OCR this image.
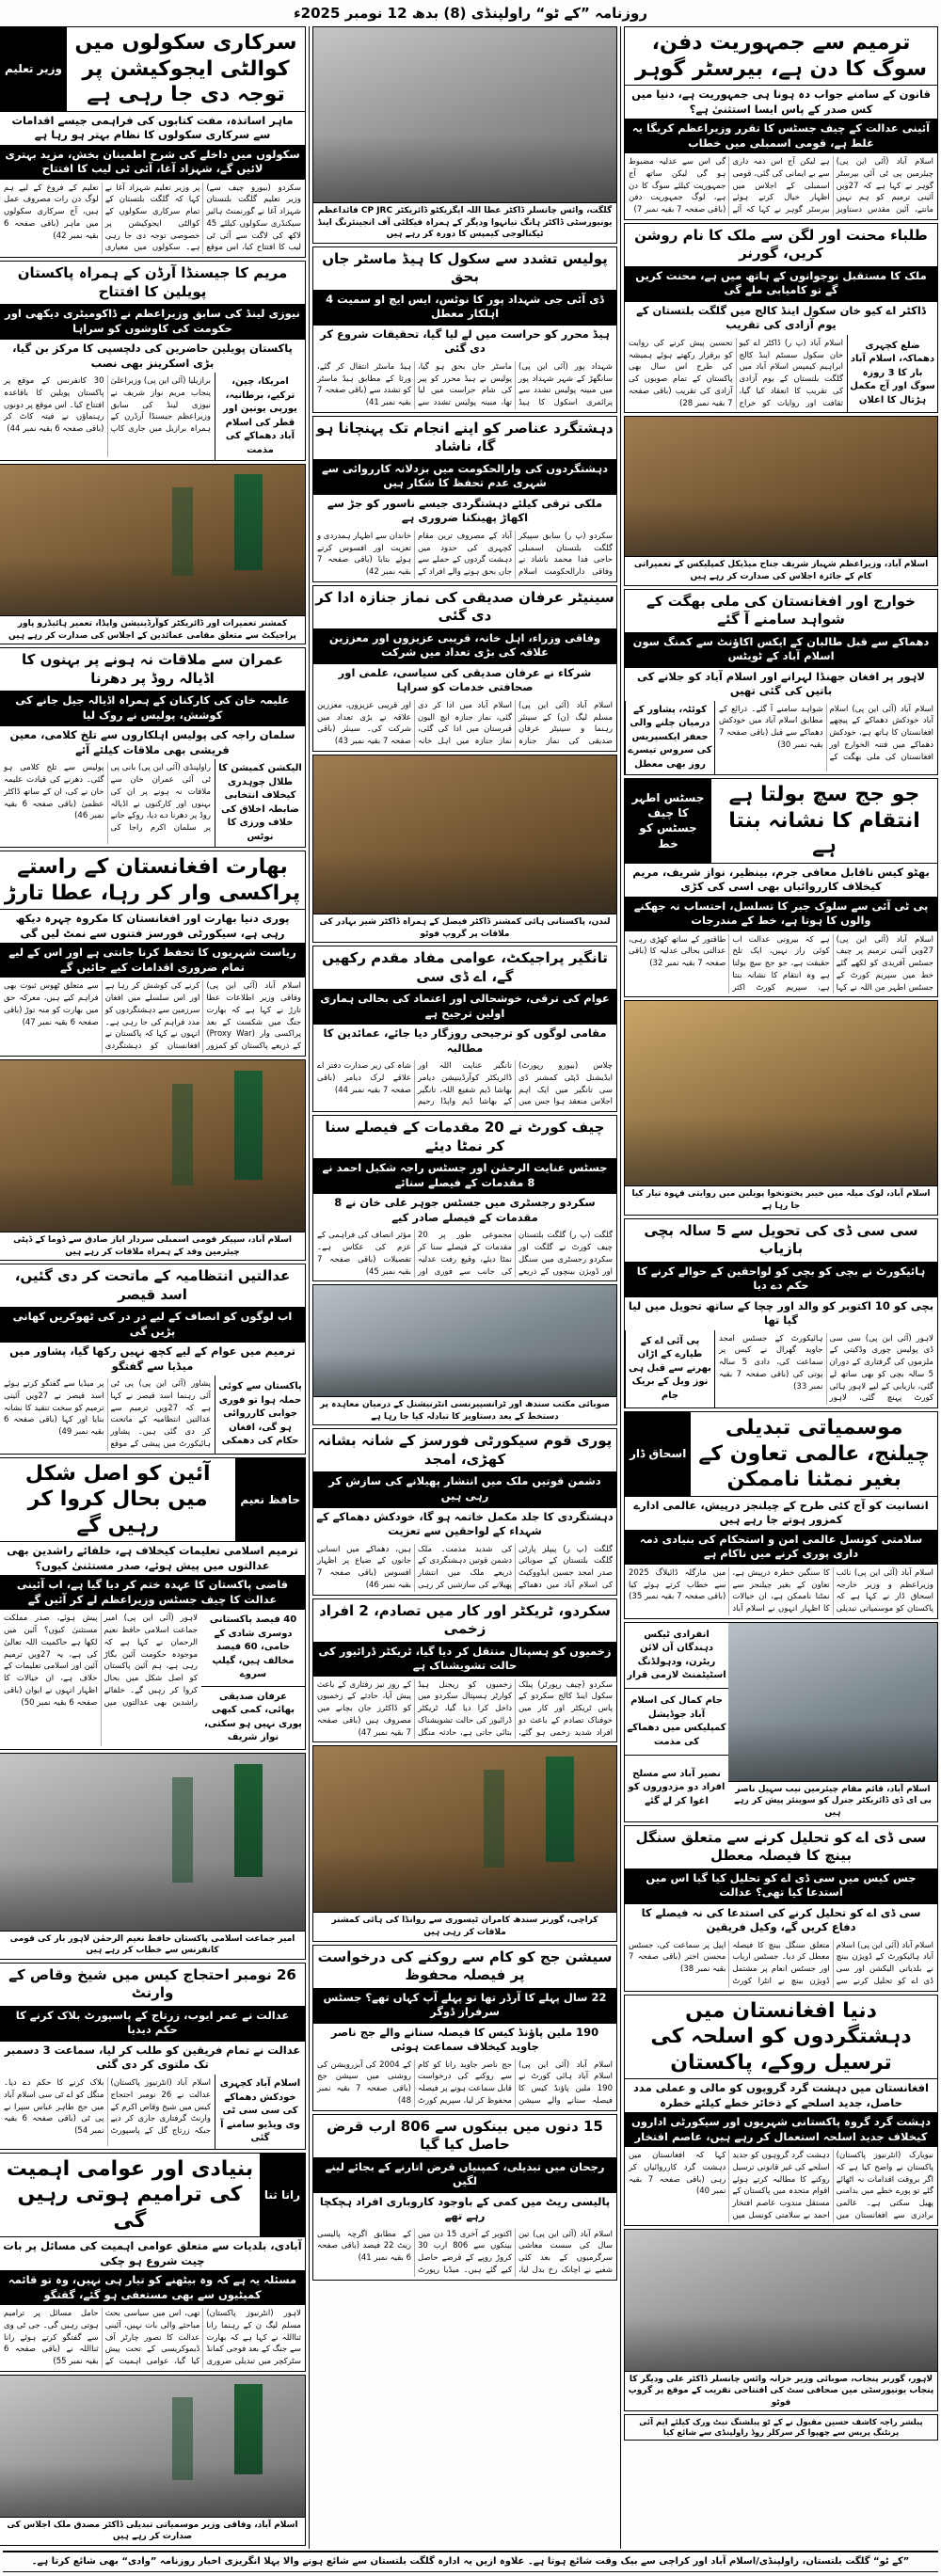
روزنامہ ”کے ٹو“ راولپنڈی (8) بدھ 12 نومبر 2025ء
ترمیم سے جمہوریت دفن، سوگ کا دن ہے، بیرسٹر گوہر
قانون کے سامنے جواب دہ ہونا ہی جمہوریت ہے، دنیا میں کس صدر کے پاس ایسا استثنیٰ ہے؟
آئینی عدالت کے چیف جسٹس کا تقرر وزیراعظم کریگا یہ غلط ہے، قومی اسمبلی میں خطاب

اسلام آباد (آئی این پی) چیئرمین پی ٹی آئی بیرسٹر گوہر نے کہا ہے کہ 27ویں آئینی ترمیم کو ہم نہیں مانتے، آئین مقدس دستاویز ہے لیکن آج اس ذمہ داری سے بے ایمانی کی گئی، قومی اسمبلی کے اجلاس میں اظہار خیال کرتے ہوئے بیرسٹر گوہر نے کہا کہ آئے گی اس سے عدلیہ مضبوط ہو گی لیکن ساتھ آج جمہوریت کیلئے سوگ کا دن ہے، لوگ جمہوریت دفن (باقی صفحہ 7 بقیہ نمبر 7)

طلباء محنت اور لگن سے ملک کا نام روشن کریں، گورنر
ملک کا مستقبل نوجوانوں کے ہاتھ میں ہے، محنت کریں گے تو کامیابی ملے گی
ڈاکٹر اے کیو خان سکول اینڈ کالج میں گلگت بلتستان کے یوم آزادی کی تقریب
ضلع کچہری دھماکہ، اسلام آباد بار کا 3 روزہ سوگ اور آج مکمل ہڑتال کا اعلان

اسلام آباد (پ ر) ڈاکٹر اے کیو خان سکول سسٹم اینڈ کالج ابراہیم کیمپس اسلام آباد میں گلگت بلتستان کے یوم آزادی کی تقریب کا انعقاد کیا گیا، ثقافت اور روایات کو خراج تحسین پیش کرنے کی روایت کو برقرار رکھتے ہوئے ہمیشہ کی طرح اس سال بھی پاکستان کے تمام صوبوں کی آزادی کی تقریب (باقی صفحہ 7 بقیہ نمبر 28)

اسلام آباد، وزیراعظم شہباز شریف جناح میڈیکل کمپلیکس کے تعمیراتی کام کے جائزہ اجلاس کی صدارت کر رہے ہیں
خوارج اور افغانستان کی ملی بھگت کے شواہد سامنے آ گئے
دھماکے سے قبل طالبان کے ایکس اکاؤنٹ سے کمنگ سون اسلام آباد کے ٹویٹس
لاہور پر افغان جھنڈا لہرانے اور اسلام آباد کو جلانے کی باتیں کی گئی تھیں

اسلام آباد (آئی این پی) اسلام آباد خودکش دھماکے کے پیچھے افغانستان کا ہاتھ ہے، خودکش دھماکے میں فتنہ الخوارج اور افغانستان کی ملی بھگت کے شواہد سامنے آ گئے۔ ذرائع کے مطابق اسلام آباد میں خودکش دھماکے سے قبل (باقی صفحہ 7 بقیہ نمبر 30)

کوئٹہ، پشاور کے درمیان چلنے والی جعفر ایکسپریس کی سروس تیسرے روز بھی معطل
جو جج سچ بولتا ہے انتقام کا نشانہ بنتا ہے
جسٹس اطہر کا چیف جسٹس کو خط
بھٹو کیس ناقابل معافی جرم، بینظیر، نواز شریف، مریم کیخلاف کارروائیاں بھی اسی کی کڑی
پی ٹی آئی سے سلوک جبر کا تسلسل، احتساب نہ جھکنے والوں کا ہوتا ہے، خط کے مندرجات

اسلام آباد (آئی این پی) 27ویں آئینی ترمیم پر چیف جسٹس آفریدی کو لکھے گئے خط میں سپریم کورٹ کے جسٹس اطہر من اللہ نے کہا ہے کہ بیرونی عدالت اب کوئی راز نہیں، ایک تلخ حقیقت ہے، جو جج سچ بولتا ہے وہ انتقام کا نشانہ بنتا ہے، سپریم کورٹ اکثر طاقتور کے ساتھ کھڑی رہی، عدالتی بحالی عدلیہ کا (باقی صفحہ 7 بقیہ نمبر 32)

اسلام آباد، لوک میلہ میں خیبر پختونخوا پویلین میں روایتی قہوہ تیار کیا جا رہا ہے
سی سی ڈی کی تحویل سے 5 سالہ بچی بازیاب
ہائیکورٹ نے بچی کو بچی کو لواحقین کے حوالے کرنے کا حکم دے دیا
بچی کو 10 اکتوبر کو والد اور چچا کے ساتھ تحویل میں لیا گیا تھا

لاہور (آئی این پی) سی سی ڈی پولیس چوری وڈکیتی کے ملزموں کی گرفتاری کے دوران 5 سالہ بچی کو بھی ساتھ لے گئی، بازیابی کے لیے لاہور ہائی کورٹ پہنچ گئی، لاہور ہائیکورٹ کے جسٹس امجد جاوید گھرال نے کیس پر سماعت کی، دادی 5 سالہ پوتی کی (باقی صفحہ 7 بقیہ نمبر 33)

پی آئی اے کے طیارے کے اڑان بھرنے سے قبل ہی نوز ویل کے بریک جام
موسمیاتی تبدیلی چیلنج، عالمی تعاون کے بغیر نمٹنا ناممکن
اسحاق ڈار
انسانیت کو آج کئی طرح کے چیلنجز درپیش، عالمی ادارے کمزور ہوتے جا رہے ہیں
سلامتی کونسل عالمی امن و استحکام کی بنیادی ذمہ داری پوری کرنے میں ناکام ہے

اسلام آباد (آئی این پی) نائب وزیراعظم و وزیر خارجہ اسحاق ڈار نے کہا ہے کہ پاکستان کو موسمیاتی تبدیلی کا سنگین خطرہ درپیش ہے، تعاون کے بغیر چیلنجز سے نمٹنا ناممکن ہے، ان خیالات کا اظہار انہوں نے اسلام آباد میں مارگلہ ڈائیلاگ 2025 سے خطاب کرتے ہوئے کیا (باقی صفحہ 7 بقیہ نمبر 35)

اسلام آباد، قائم مقام چیئرمین نیب سہیل ناصر بی ای ڈی ڈائریکٹر جنرل کو سوینئر پیش کر رہے ہیں
انفرادی ٹیکس دہندگان آن لائن ریٹرن، ودہولڈنگ اسٹیٹمنٹ لازمی قرار
جام کمال کی اسلام آباد جوڈیشل کمپلیکس میں دھماکے کی مذمت
نصیر آباد سے مسلح افراد دو مزدوروں کو اغوا کر لے گئے
سی ڈی اے کو تحلیل کرنے سے متعلق سنگل بینچ کا فیصلہ معطل
جس کیس میں سی ڈی اے کو تحلیل کیا گیا اس میں استدعا کیا تھی؟ عدالت
سی ڈی اے کو تحلیل کرنے کی استدعا کی نہ فیصلے کا دفاع کریں گے، وکیل فریقین

اسلام آباد (آئی این پی) اسلام آباد ہائیکورٹ کے ڈویژن بینچ نے بلدیاتی الیکشن اور سی ڈی اے کو تحلیل کرنے سے متعلق سنگل بینچ کا فیصلہ معطل کر دیا۔ جسٹس ارباب اور جسٹس انعام پر مشتمل ڈویژن بینچ نے انٹرا کورٹ اپیل پر سماعت کی، جسٹس محسن اختر (باقی صفحہ 7 بقیہ نمبر 38)

دنیا افغانستان میں دہشتگردوں کو اسلحہ کی ترسیل روکے، پاکستان
افغانستان میں دہشت گرد گروپوں کو مالی و عملی مدد حاصل، جدید اسلحے کے ذخائر خطے کیلئے خطرہ
دہشت گرد گروہ پاکستانی شہریوں اور سیکورٹی اداروں کیخلاف جدید اسلحہ استعمال کر رہے ہیں، عاصم افتخار

نیویارک (انٹرنیوز پاکستان) پاکستان نے واضح کیا ہے کہ اگر بروقت اقدامات نہ اٹھائے گئے تو پورے خطے میں بدامنی پھیل سکتی ہے۔ عالمی برادری سے افغانستان میں دہشت گرد گروہوں کو جدید اسلحے کی غیر قانونی ترسیل روکنے کا مطالبہ کرتے ہوئے اقوام متحدہ میں پاکستان کے مستقل مندوب عاصم افتخار احمد نے سلامتی کونسل میں کہا کہ افغانستان میں دہشت گرد کارروائیاں کر رہی (باقی صفحہ 7 بقیہ نمبر 40)

لاہور، گورنر پنجاب، صوبائی وزیر خزانہ وائس چانسلر ڈاکٹر علی ودیگر کا پنجاب یونیورسٹی میں صحافی سٹ کی افتتاحی تقریب کے موقع پر گروپ فوٹو
پبلشر راجہ کاشف حسین مقبول نے کے ٹو پبلشنگ نیٹ ورک کیلئے ایم آئی پرنٹنگ پریس سے چھپوا کر سرکلر روڈ راولپنڈی سے شائع کیا
گلگت، وائس چانسلر ڈاکٹر عطا اللہ ایگزیکٹو ڈائریکٹر CP JRC قائداعظم یونیورسٹی ڈاکٹر ہانگ تیانہوا ودیگر کے ہمراہ فیکلٹی آف انجینئرنگ اینڈ ٹیکنالوجی کیمپس کا دورہ کر رہے ہیں
پولیس تشدد سے سکول کا ہیڈ ماسٹر جاں بحق
ڈی آئی جی شہداد پور کا نوٹس، ایس ایچ او سمیت 4 اہلکار معطل
ہیڈ محرر کو حراست میں لے لیا گیا، تحقیقات شروع کر دی گئی

شہداد پور (آئی این پی) سانگھڑ کے شہر شہداد پور میں مبینہ پولیس تشدد سے پرائمری اسکول کا ہیڈ ماسٹر جاں بحق ہو گیا، پولیس نے ہیڈ محرر کو پیر کی شام حراست میں لیا تھا، مبینہ پولیس تشدد سے ہیڈ ماسٹر انتقال کر گئے، ورثا کے مطابق ہیڈ ماسٹر کو تشدد سے (باقی صفحہ 7 بقیہ نمبر 41)

دہشتگرد عناصر کو اپنے انجام تک پہنچانا ہو گا، ناشاد
دہشتگردوں کی وارالحکومت میں بزدلانہ کارروائی سے شہری عدم تحفظ کا شکار ہیں
ملکی ترقی کیلئے دہشتگردی جیسے ناسور کو جڑ سے اکھاڑ پھینکنا ضروری ہے

سکردو (پ ر) سابق سپیکر گلگت بلتستان اسمبلی حاجی فدا محمد ناشاد نے وفاقی دارالحکومت اسلام آباد کے مصروف ترین مقام کچہری کی حدود میں دہشت گردوں کے حملے سے جاں بحق ہونے والے افراد کے خاندان سے اظہار ہمدردی و تعزیت اور افسوس کرتے ہوئے بتایا (باقی صفحہ 7 بقیہ نمبر 42)

سینیٹر عرفان صدیقی کی نماز جنازہ ادا کر دی گئی
وفاقی وزراء، اہل خانہ، قریبی عزیزوں اور معززین علاقہ کی بڑی تعداد میں شرکت
شرکاء نے عرفان صدیقی کی سیاسی، علمی اور صحافتی خدمات کو سراہا

اسلام آباد (آئی این پی) مسلم لیگ (ن) کے سینئر رہنما و سینیٹر عرفان صدیقی کی نماز جنازہ اسلام آباد میں ادا کر دی گئی، نماز جنازہ ایچ الیون قبرستان میں ادا کی گئی، نماز جنازہ میں اہل خانہ اور قریبی عزیزوں، معززین علاقہ نے بڑی تعداد میں شرکت کی۔ سینئر (باقی صفحہ 7 بقیہ نمبر 43)

لندن، پاکستانی ہائی کمشنر ڈاکٹر فیصل کے ہمراہ ڈاکٹر شیر بہادر کی ملاقات پر گروپ فوٹو
تانگیر پراجیکٹ، عوامی مفاد مقدم رکھیں گے، اے ڈی سی
عوام کی ترقی، خوشحالی اور اعتماد کی بحالی ہماری اولین ترجیح ہے
مقامی لوگوں کو ترجیحی روزگار دیا جائے، عمائدین کا مطالبہ

چلاس (بیورو رپورٹ) ایڈیشنل ڈپٹی کمشنر ڈی سی تانگیر میں ایک اہم اجلاس منعقد ہوا جس میں تانگیر عنایت اللہ اور ڈائریکٹر کوآرڈینیشن دیامر بھاشا ڈیم شفیع اللہ، تانگیر کے بھاشا ڈیم واپڈا رحیم شاہ کی زیر صدارت دفتر اے علاقے لرک دیامر (باقی صفحہ 7 بقیہ نمبر 44)

چیف کورٹ نے 20 مقدمات کے فیصلے سنا کر نمٹا دیئے
جسٹس عنایت الرحمٰن اور جسٹس راجہ شکیل احمد نے 8 مقدمات کے فیصلے سنائے
سکردو رجسٹری میں جسٹس جوہر علی خان نے 8 مقدمات کے فیصلے صادر کیے

گلگت (پ ر) گلگت بلتستان چیف کورٹ نے گلگت اور سکردو رجسٹری میں سنگل اور ڈویژن بینچوں کے ذریعے مجموعی طور پر 20 مقدمات کے فیصلے سنا کر نمٹا دیئے، وقیع رفت عدلیہ کی جانب سے فوری اور مؤثر انصاف کی فراہمی کے عزم کی عکاس ہے۔ تفصیلات (باقی صفحہ 7 بقیہ نمبر 45)

صوبائی مکتب سندھ اور ٹرانسپیرنسی انٹرنیشنل کے درمیان معاہدہ پر دستخط کے بعد دستاویز کا تبادلہ کیا جا رہا ہے
پوری قوم سیکورٹی فورسز کے شانہ بشانہ کھڑی، امجد
دشمن قوتیں ملک میں انتشار پھیلانے کی سازش کر رہی ہیں
دہشتگردی کا جلد مکمل خاتمہ ہو گا، خودکش دھماکے کے شہداء کے لواحقین سے تعزیت

گلگت (پ ر) پیپلز پارٹی گلگت بلتستان کے صوبائی صدر امجد حسین ایڈووکیٹ کی اسلام آباد میں دھماکے کی شدید مذمت۔ ملک دشمن قوتیں دہشتگردی کے ذریعے ملک میں انتشار پھیلانے کی سازشیں کر رہی ہیں، دھماکے میں انسانی جانوں کے ضیاع پر اظہار افسوس (باقی صفحہ 7 بقیہ نمبر 46)

سکردو، ٹریکٹر اور کار میں تصادم، 2 افراد زخمی
زخمیوں کو ہسپتال منتقل کر دیا گیا، ٹریکٹر ڈرائیور کی حالت تشویشناک ہے

سکردو (چیف رپورٹر) پبلک سکول اینڈ کالج سکردو کے پاس ٹریکٹر اور کار میں خوفناک تصادم کے باعث دو افراد شدید زخمی ہو گئے، زخمیوں کو ریجنل ہیڈ کوارٹر ہسپتال سکردو میں داخل کرا دیا گیا، ٹریکٹر ڈرائیور کی حالت تشویشناک بتائی جاتی ہے، حادثہ منگل کے روز تیز رفتاری کے باعث پیش آیا، حادثے کے زخمیوں کو ڈاکٹرز جان بچانے میں مصروف ہیں (باقی صفحہ 7 بقیہ نمبر 47)

کراچی، گورنر سندھ کامران ٹیسوری سے روانڈا کی ہائی کمشنر ملاقات کر رہی ہیں
سیشن جج کو کام سے روکنے کی درخواست پر فیصلہ محفوظ
22 سال پہلے کا آرڈر تھا تو پہلے آپ کہاں تھے؟ جسٹس سرفراز ڈوگر
190 ملین پاؤنڈ کیس کا فیصلہ سنانے والے جج ناصر جاوید کیخلاف سماعت ہوئی

اسلام آباد (آئی این پی) اسلام آباد ہائی کورٹ نے 190 ملین پاؤنڈ کیس کا فیصلہ سنانے والے سیشن جج ناصر جاوید رانا کو کام سے روکنے کی درخواست قابل سماعت ہونے پر فیصلہ محفوظ کر لیا، سپریم کورٹ کے 2004 کی آبزرویشن کی روشنی میں سیشن جج (باقی صفحہ 7 بقیہ نمبر 48)

15 دنوں میں بینکوں سے 806 ارب قرض حاصل کیا گیا
رجحان میں تبدیلی، کمپنیاں قرض اتارنے کے بجائے لینے لگیں
پالیسی ریٹ میں کمی کے باوجود کاروباری افراد ہچکچا رہے تھے

اسلام آباد (آئی این پی) تین سال کی سست معاشی سرگرمیوں کے بعد کئی شعبے نے اچانک رخ بدل لیا، اکتوبر کے آخری 15 دن میں بینکوں سے 806 ارب 30 کروڑ روپے کے قرضے حاصل کیے گئے ہیں۔ میڈیا رپورٹ کے مطابق اگرچہ پالیسی ریٹ 22 فیصد (باقی صفحہ 6 بقیہ نمبر 41)

سرکاری سکولوں میں کوالٹی ایجوکیشن پر توجہ دی جا رہی ہے
وزیر تعلیم
ماہر اساتذہ، مفت کتابوں کی فراہمی جیسے اقدامات سے سرکاری سکولوں کا نظام بہتر ہو رہا ہے
سکولوں میں داخلے کی شرح اطمینان بخش، مزید بہتری لائیں گے، شہزاد آغا، آئی ٹی لیب کا افتتاح

سکردو (بیورو چیف سے) وزیر تعلیم گلگت بلتستان شہزاد آغا نے گورنمنٹ ہائیر سیکنڈری سکولوں کیلئے 45 لاکھ کی لاگت سے آئی ٹی لیب کا افتتاح کیا، اس موقع پر وزیر تعلیم شہزاد آغا نے کہا کہ گلگت بلتستان کے تمام سرکاری سکولوں کے کوالٹی ایجوکیشن پر خصوصی توجہ دی جا رہی ہے۔ سکولوں میں معیاری تعلیم کے فروغ کے لیے ہم لوگ دن رات مصروف عمل ہیں، آج سرکاری سکولوں میں ماہر (باقی صفحہ 6 بقیہ نمبر 42)

مریم کا جیسنڈا آرڈن کے ہمراہ پاکستان پویلین کا افتتاح
نیوزی لینڈ کی سابق وزیراعظم نے ڈاکومیٹری دیکھی اور حکومت کی کاوشوں کو سراہا
پاکستان پویلین حاضرین کی دلچسپی کا مرکز بن گیا، بڑی اسکرینز بھی نصب
امریکا، چین، ترکیے، برطانیہ، یورپی یونین اور قطر کی اسلام آباد دھماکے کی مذمت

برازیلیا (آئی این پی) وزیراعلیٰ پنجاب مریم نواز شریف نے نیوزی لینڈ کی سابق وزیراعظم جیسنڈا آرڈرن کے ہمراہ برازیل میں جاری کاپ 30 کانفرنس کے موقع پر پاکستان پویلین کا باقاعدہ افتتاح کیا۔ اس موقع پر دونوں رہنماؤں نے فیتہ کاٹ کر (باقی صفحہ 6 بقیہ نمبر 44)

کمشنر تعمیرات اور ڈائریکٹر کوآرڈینیشن واپڈا، تعمیر ہائیڈرو پاور پراجیکٹ سے متعلق مقامی عمائدین کے اجلاس کی صدارت کر رہے ہیں
عمران سے ملاقات نہ ہونے پر بہنوں کا اڈیالہ روڈ پر دھرنا
علیمہ خان کی کارکنان کے ہمراہ اڈیالہ جیل جانے کی کوشش، پولیس نے روک لیا
سلمان راجہ کی پولیس اہلکاروں سے تلخ کلامی، معین قریشی بھی ملاقات کیلئے آئے
الیکشن کمیشن کا طلال چوہدری کیخلاف انتخابی ضابطہ اخلاق کی خلاف ورزی کا نوٹس

راولپنڈی (آئی این پی) بانی پی ٹی آئی عمران خان سے ملاقات نہ ہونے پر ان کی بہنوں اور کارکنوں نے اڈیالہ روڈ پر دھرنا دے دیا، روکے جانے پر سلمان اکرم راجا کی پولیس سے تلخ کلامی ہو گئی۔ دھرنے کی قیادت علیمہ خان نے کی، ان کے ساتھ ڈاکٹر عظمیٰ (باقی صفحہ 6 بقیہ نمبر 46)

بھارت افغانستان کے راستے پراکسی وار کر رہا، عطا تارڑ
پوری دنیا بھارت اور افغانستان کا مکروہ چہرہ دیکھ رہی ہے، سیکورٹی فورسز فتنوں سے نمٹ لیں گی
ریاست شہریوں کا تحفظ کرنا جانتی ہے اور اس کے لیے تمام ضروری اقدامات کیے جائیں گے

اسلام آباد (آئی این پی) وفاقی وزیر اطلاعات عطا تارڑ نے کہا ہے کہ بھارت جنگ میں شکست کے بعد پراکسی وار (Proxy War) کے ذریعے پاکستان کو کمزور کرنے کی کوشش کر رہا ہے اور اس سلسلے میں افغان سرزمین سے دہشتگردوں کو مدد فراہم کی جا رہی ہے۔ انہوں نے کہا کہ پاکستان نے افغانستان کو دہشتگردی سے متعلق ٹھوس ثبوت بھی فراہم کیے ہیں، معرکہ حق میں بھارت کو منہ توڑ (باقی صفحہ 6 بقیہ نمبر 47)

اسلام آباد، سپیکر قومی اسمبلی سردار ایاز صادق سے ڈوما کے ڈپٹی چیئرمین وفد کے ہمراہ ملاقات کر رہے ہیں
عدالتیں انتظامیہ کے ماتحت کر دی گئیں، اسد قیصر
اب لوگوں کو انصاف کے لیے در در کی ٹھوکریں کھانی پڑیں گی
ترمیم میں عوام کے لیے کچھ نہیں رکھا گیا، پشاور میں میڈیا سے گفتگو
پاکستان سے کوئی حملہ ہوا تو فوری جوابی کارروائی ہو گی، افغان حکام کی دھمکی

پشاور (آئی این پی) پی ٹی آئی رہنما اسد قیصر نے کہا ہے کہ 27ویں ترمیم سے عدالتیں انتظامیہ کے ماتحت کر دی گئی ہیں۔ پشاور ہائیکورٹ میں پیشی کے موقع پر میڈیا سے گفتگو کرتے ہوئے اسد قیصر نے 27ویں آئینی ترمیم کو سخت تنقید کا نشانہ بنایا اور کہا (باقی صفحہ 6 بقیہ نمبر 49)

حافظ نعیم
آئین کو اصل شکل میں بحال کروا کر رہیں گے
ترمیم اسلامی تعلیمات کیخلاف ہے، خلفائے راشدین بھی عدالتوں میں پیش ہوئے، صدر مستثنیٰ کیوں؟
قاضی پاکستان کا عہدہ ختم کر دیا گیا ہے، اب آئینی عدالت کا چیف جسٹس وزیراعظم لے کر آئیں گے
40 فیصد پاکستانی دوسری شادی کے حامی، 60 فیصد مخالف ہیں، گیلپ سروے
عرفان صدیقی بھائی، کمی کبھی پوری نہیں ہو سکتی، نواز شریف

لاہور (آئی این پی) امیر جماعت اسلامی حافظ نعیم الرحمان نے کہا ہے کہ موجودہ حکومت آئین بگاڑ رہی ہے، ہم آئین پاکستان کو اصل شکل میں بحال کروا کر رہیں گے۔ خلفائے راشدین بھی عدالتوں میں پیش ہوئے، صدر مملکت مستثنیٰ کیوں؟ آئین میں لکھا ہے حاکمیت اللہ تعالیٰ کی ہے، یہ 27ویں ترمیم آئین اور اسلامی تعلیمات کے خلاف ہے، ان خیالات کا اظہار انہوں نے ایوان (باقی صفحہ 6 بقیہ نمبر 50)

امیر جماعت اسلامی پاکستان حافظ نعیم الرحمٰن لاہور بار کی قومی کانفرنس سے خطاب کر رہے ہیں
26 نومبر احتجاج کیس میں شیخ وقاص کے وارنٹ
عدالت نے عمر ایوب، زرتاج کے پاسپورٹ بلاک کرنے کا حکم دیدیا
عدالت نے تمام فریقین کو طلب کر لیا، سماعت 3 دسمبر تک ملتوی کر دی گئی
اسلام آباد کچہری خودکش دھماکے کی سی سی ٹی وی ویڈیو سامنے آ گئی

اسلام آباد (انٹرنیوز پاکستان) عدالت نے 26 نومبر احتجاج کیس میں شیخ وقاص اکرم کے وارنٹ گرفتاری جاری کر دیے جبکہ زرتاج گل کے پاسپورٹ بلاک کرنے کا حکم دے دیا۔ منگل کو اے ٹی سی اسلام آباد میں جج طاہر عباس سپرا نے پی ٹی (باقی صفحہ 6 بقیہ نمبر 54)

رانا ثنا
بنیادی اور عوامی اہمیت کی ترامیم ہوتی رہیں گی
آبادی، بلدیات سے متعلق عوامی اہمیت کی مسائل پر بات چیت شروع ہو چکی
مسئلہ یہ ہے کہ وہ بیٹھنے کو تیار ہی نہیں، وہ تو قائمہ کمیٹیوں سے بھی مستعفی ہو گئے، گفتگو

لاہور (انٹرنیوز پاکستان) مسلم لیگ ن کے رہنما رانا ثنااللہ نے کہا ہے کہ بھارت سے جنگ کے بعد فوجی کمانڈ سٹرکچر میں تبدیلی ضروری تھی، اس میں سیاسی بحث مباحثے والی بات نہیں، آئینی عدالت کا تصور چارٹر آف ڈیموکریسی کے تحت پیش کیا گیا، عوامی اہمیت کے حامل مسائل پر ترامیم ہوتی رہیں گی۔ جی ٹی وی سے گفتگو کرتے ہوئے رانا ثنااللہ نے (باقی صفحہ 6 بقیہ نمبر 55)

اسلام آباد، وفاقی وزیر موسمیاتی تبدیلی ڈاکٹر مصدق ملک اجلاس کی صدارت کر رہے ہیں
”کے ٹو“ گلگت بلتستان، راولپنڈی/اسلام آباد اور کراچی سے بیک وقت شائع ہوتا ہے۔ علاوہ ازیں یہ ادارہ گلگت بلتستان سے شائع ہونے والا پہلا انگریزی اخبار روزنامہ ”وادی“ بھی شائع کرتا ہے۔
